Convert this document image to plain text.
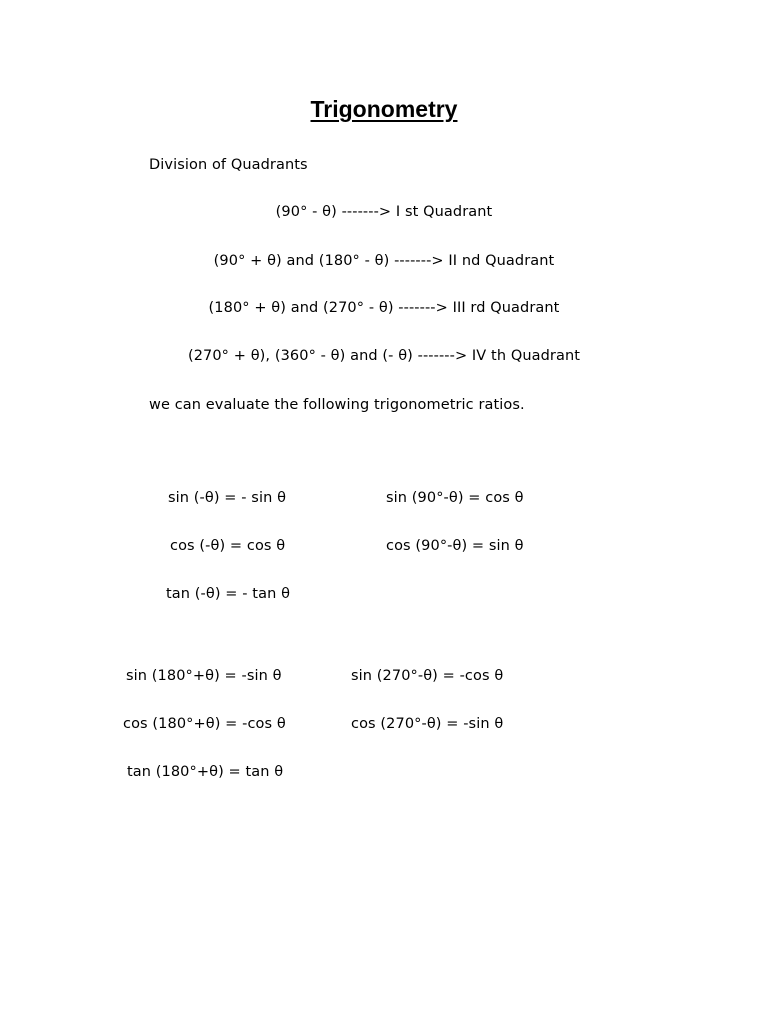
Trigonometry
Division of Quadrants
(90° - θ) -------> I st Quadrant
(90° + θ) and (180° - θ) -------> II nd Quadrant
(180° + θ) and (270° - θ) -------> III rd Quadrant
(270° + θ), (360° - θ) and (- θ) -------> IV th Quadrant
we can evaluate the following trigonometric ratios.
sin (-θ) = - sin θ	sin (90°-θ) = cos θ
cos (-θ) = cos θ	cos (90°-θ) = sin θ
tan (-θ) = - tan θ
sin (180°+θ) = -sin θ	sin (270°-θ) = -cos θ
cos (180°+θ) = -cos θ	cos (270°-θ) = -sin θ
tan (180°+θ) = tan θ
